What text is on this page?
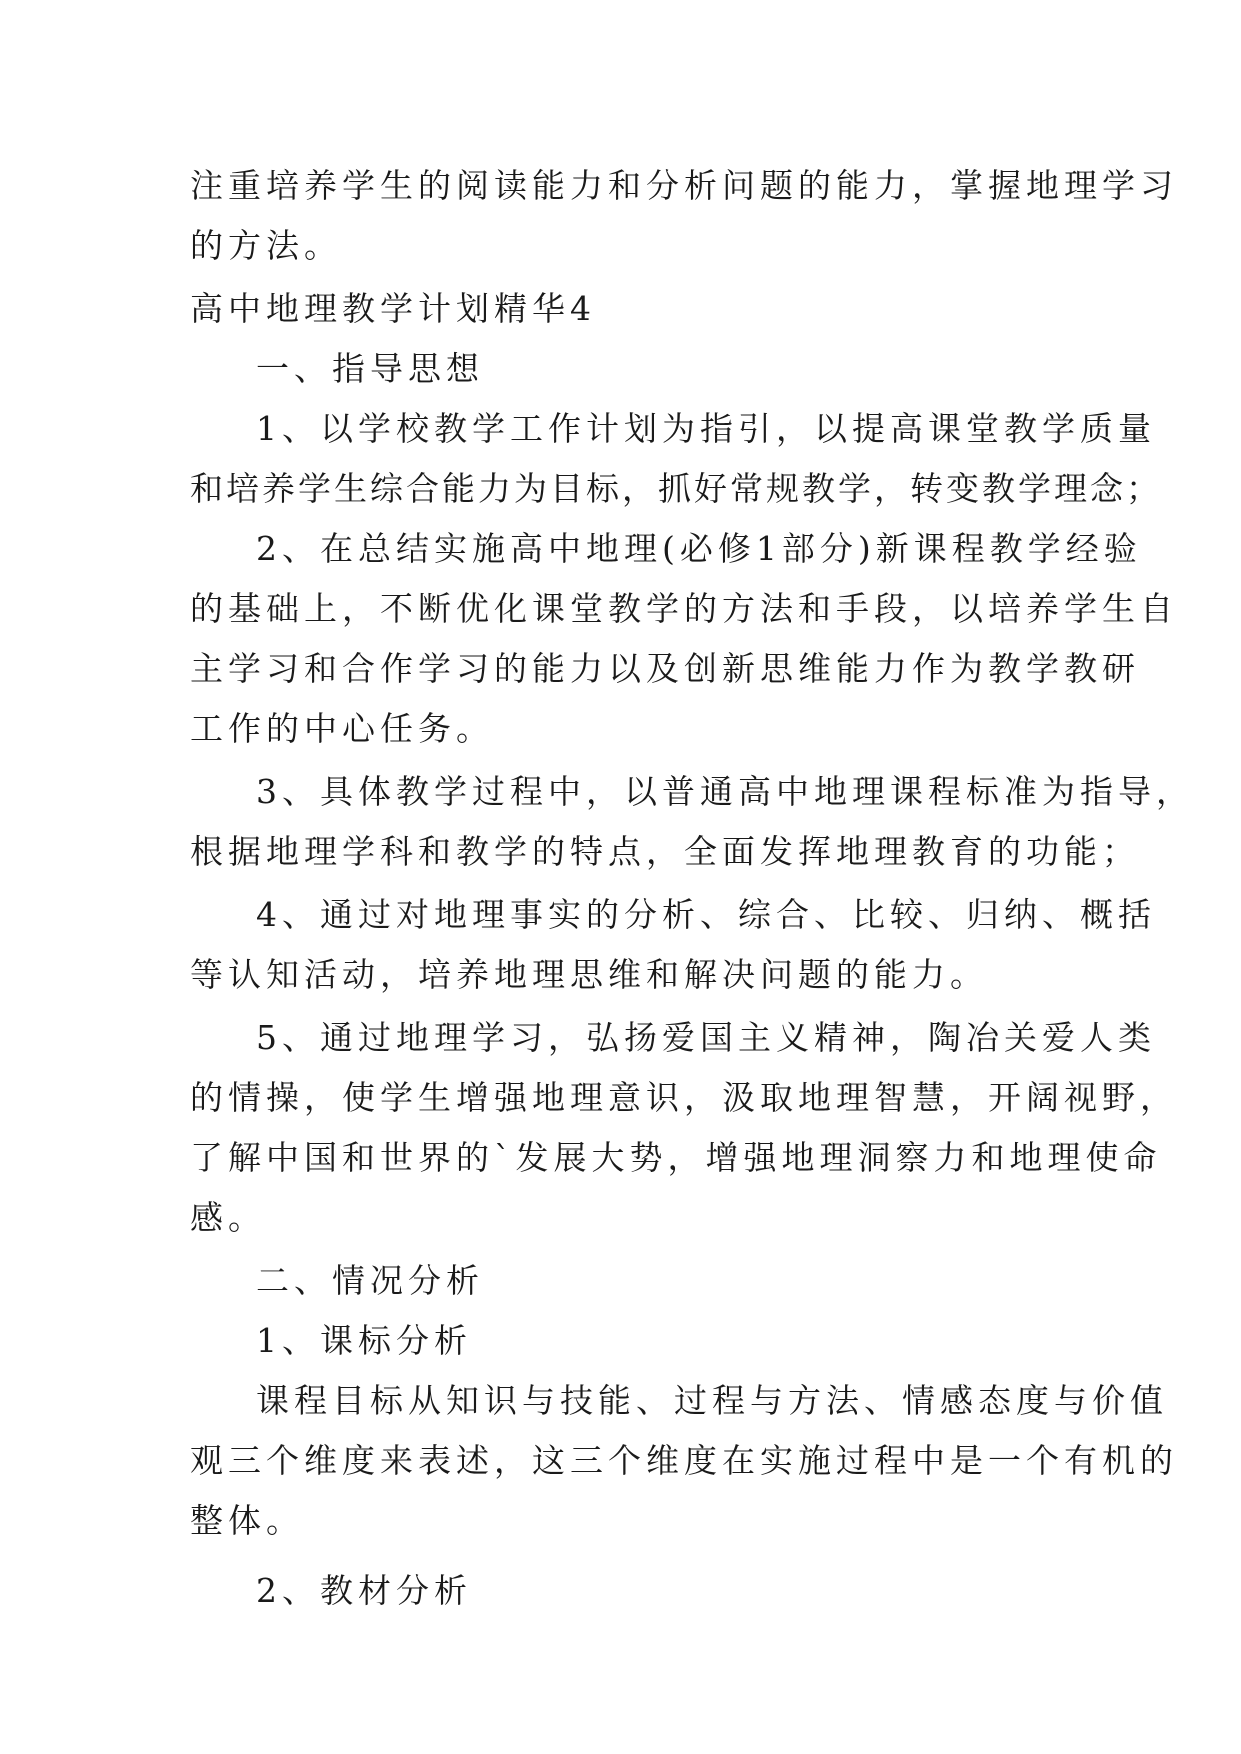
注重培养学生的阅读能力和分析问题的能力，掌握地理学习

的方法。

高中地理教学计划精华4

一、指导思想

1、以学校教学工作计划为指引，以提高课堂教学质量

和培养学生综合能力为目标，抓好常规教学，转变教学理念；

2、在总结实施高中地理(必修1部分)新课程教学经验

的基础上，不断优化课堂教学的方法和手段，以培养学生自

主学习和合作学习的能力以及创新思维能力作为教学教研

工作的中心任务。

3、具体教学过程中，以普通高中地理课程标准为指导，

根据地理学科和教学的特点，全面发挥地理教育的功能；

4、通过对地理事实的分析、综合、比较、归纳、概括

等认知活动，培养地理思维和解决问题的能力。

5、通过地理学习，弘扬爱国主义精神，陶冶关爱人类

的情操，使学生增强地理意识，汲取地理智慧，开阔视野，

了解中国和世界的`发展大势，增强地理洞察力和地理使命

感。

二、情况分析

1、课标分析

课程目标从知识与技能、过程与方法、情感态度与价值

观三个维度来表述，这三个维度在实施过程中是一个有机的

整体。

2、教材分析
